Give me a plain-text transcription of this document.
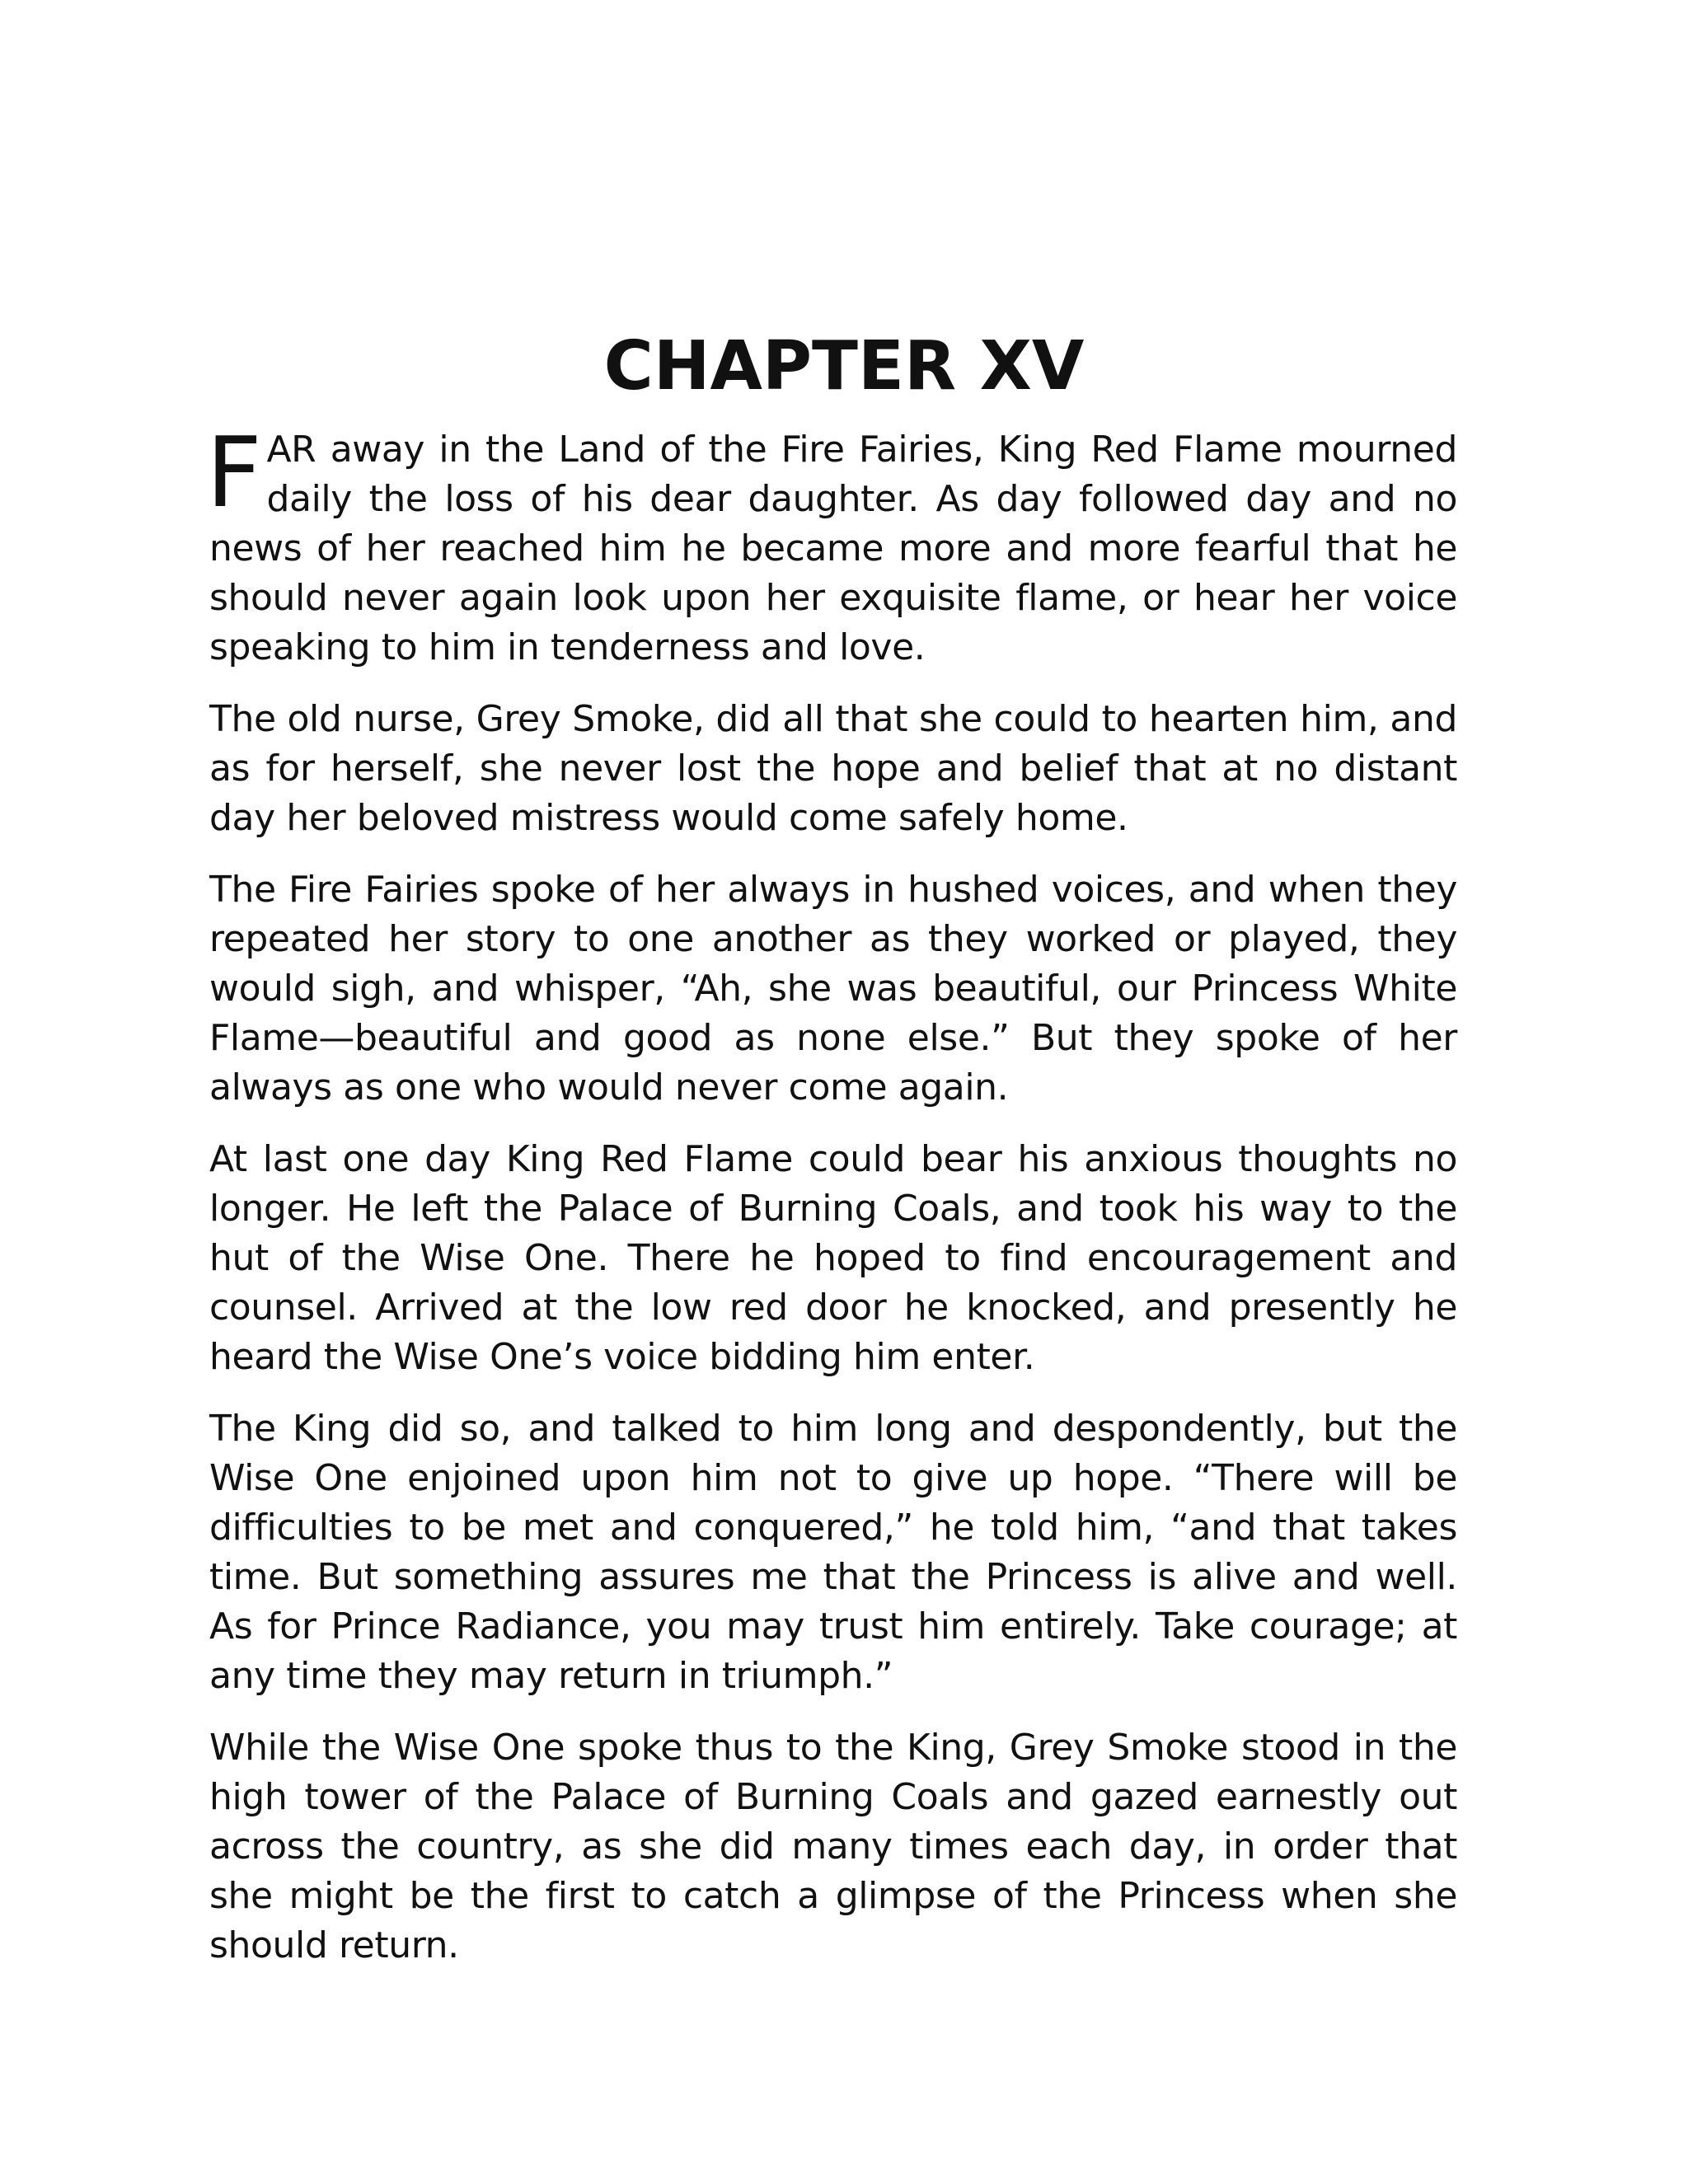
CHAPTER XV

FAR away in the Land of the Fire Fairies, King Red Flame mourned daily the loss of his dear daughter. As day followed day and no news of her reached him he became more and more fearful that he should never again look upon her exquisite flame, or hear her voice speaking to him in tenderness and love.

The old nurse, Grey Smoke, did all that she could to hearten him, and as for herself, she never lost the hope and belief that at no distant day her beloved mistress would come safely home.

The Fire Fairies spoke of her always in hushed voices, and when they repeated her story to one another as they worked or played, they would sigh, and whisper, “Ah, she was beautiful, our Princess White Flame—beautiful and good as none else.” But they spoke of her always as one who would never come again.

At last one day King Red Flame could bear his anxious thoughts no longer. He left the Palace of Burning Coals, and took his way to the hut of the Wise One. There he hoped to find encouragement and counsel. Arrived at the low red door he knocked, and presently he heard the Wise One’s voice bidding him enter.

The King did so, and talked to him long and despondently, but the Wise One enjoined upon him not to give up hope. “There will be difficulties to be met and conquered,” he told him, “and that takes time. But something assures me that the Princess is alive and well. As for Prince Radiance, you may trust him entirely. Take courage; at any time they may return in triumph.”

While the Wise One spoke thus to the King, Grey Smoke stood in the high tower of the Palace of Burning Coals and gazed earnestly out across the country, as she did many times each day, in order that she might be the first to catch a glimpse of the Princess when she should return.
